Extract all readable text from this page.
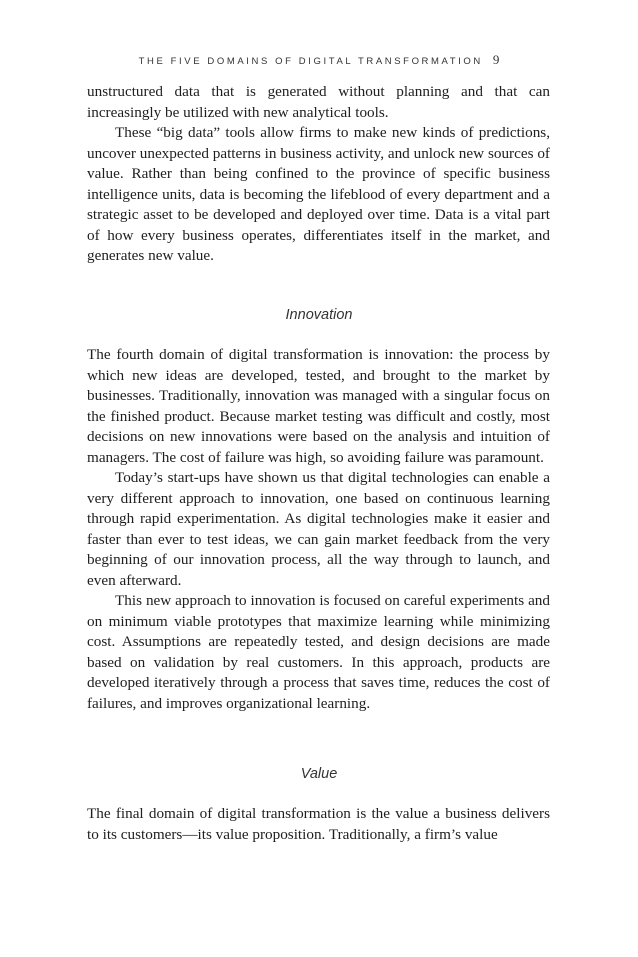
THE FIVE DOMAINS OF DIGITAL TRANSFORMATION 9

unstructured data that is generated without planning and that can increasingly be utilized with new analytical tools.

These “big data” tools allow firms to make new kinds of predictions, uncover unexpected patterns in business activity, and unlock new sources of value. Rather than being confined to the province of specific business intelligence units, data is becoming the lifeblood of every department and a strategic asset to be developed and deployed over time. Data is a vital part of how every business operates, differentiates itself in the market, and generates new value.

Innovation

The fourth domain of digital transformation is innovation: the process by which new ideas are developed, tested, and brought to the market by businesses. Traditionally, innovation was managed with a singular focus on the finished product. Because market testing was difficult and costly, most decisions on new innovations were based on the analysis and intuition of managers. The cost of failure was high, so avoiding failure was paramount.

Today’s start-ups have shown us that digital technologies can enable a very different approach to innovation, one based on continuous learning through rapid experimentation. As digital technologies make it easier and faster than ever to test ideas, we can gain market feedback from the very beginning of our innovation process, all the way through to launch, and even afterward.

This new approach to innovation is focused on careful experiments and on minimum viable prototypes that maximize learning while minimizing cost. Assumptions are repeatedly tested, and design decisions are made based on validation by real customers. In this approach, products are developed iteratively through a process that saves time, reduces the cost of failures, and improves organizational learning.

Value

The final domain of digital transformation is the value a business delivers to its customers—its value proposition. Traditionally, a firm’s value
